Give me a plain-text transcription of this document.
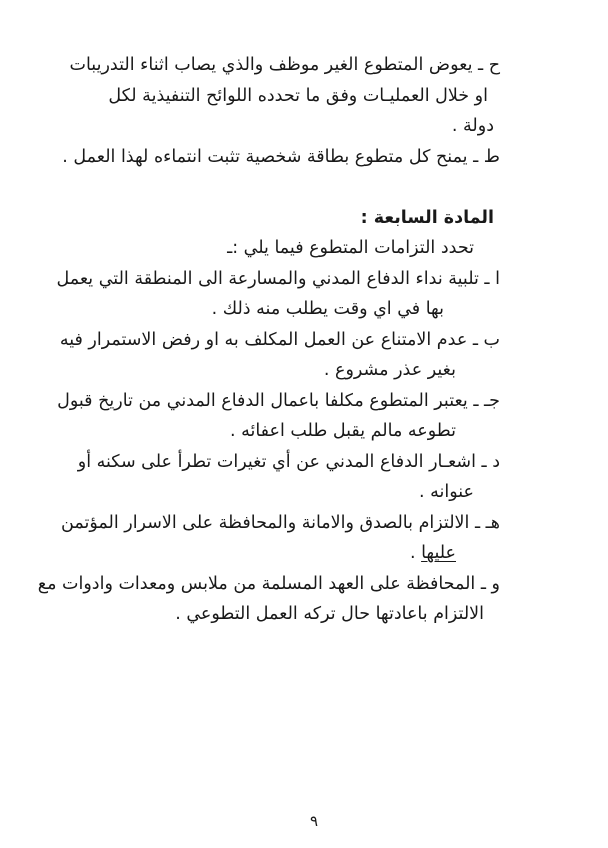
ح ـ يعوض المتطوع الغير موظف والذي يصاب اثناء التدريبات
او خلال العمليـات وفق ما تحدده اللوائح التنفيذية لكل
دولة .
ط ـ يمنح كل متطوع بطاقة شخصية تثبت انتماءه لهذا العمل .
المادة السابعة :
تحدد التزامات المتطوع فيما يلي :ـ
ا ـ تلبية نداء الدفاع المدني والمسارعة الى المنطقة التي يعمل
بها في اي وقت يطلب منه ذلك .
ب ـ عدم الامتناع عن العمل المكلف به او رفض الاستمرار فيه
بغير عذر مشروع .
جـ ـ يعتبر المتطوع مكلفا باعمال الدفاع المدني من تاريخ قبول
تطوعه مالم يقبل طلب اعفائه .
د ـ اشعـار الدفاع المدني عن أي تغيرات تطرأ على سكنه أو
عنوانه .
هـ ـ الالتزام بالصدق والامانة والمحافظة على الاسرار المؤتمن
عليها .
و ـ المحافظة على العهد المسلمة من ملابس ومعدات وادوات مع
الالتزام باعادتها حال تركه العمل التطوعي .
٩
